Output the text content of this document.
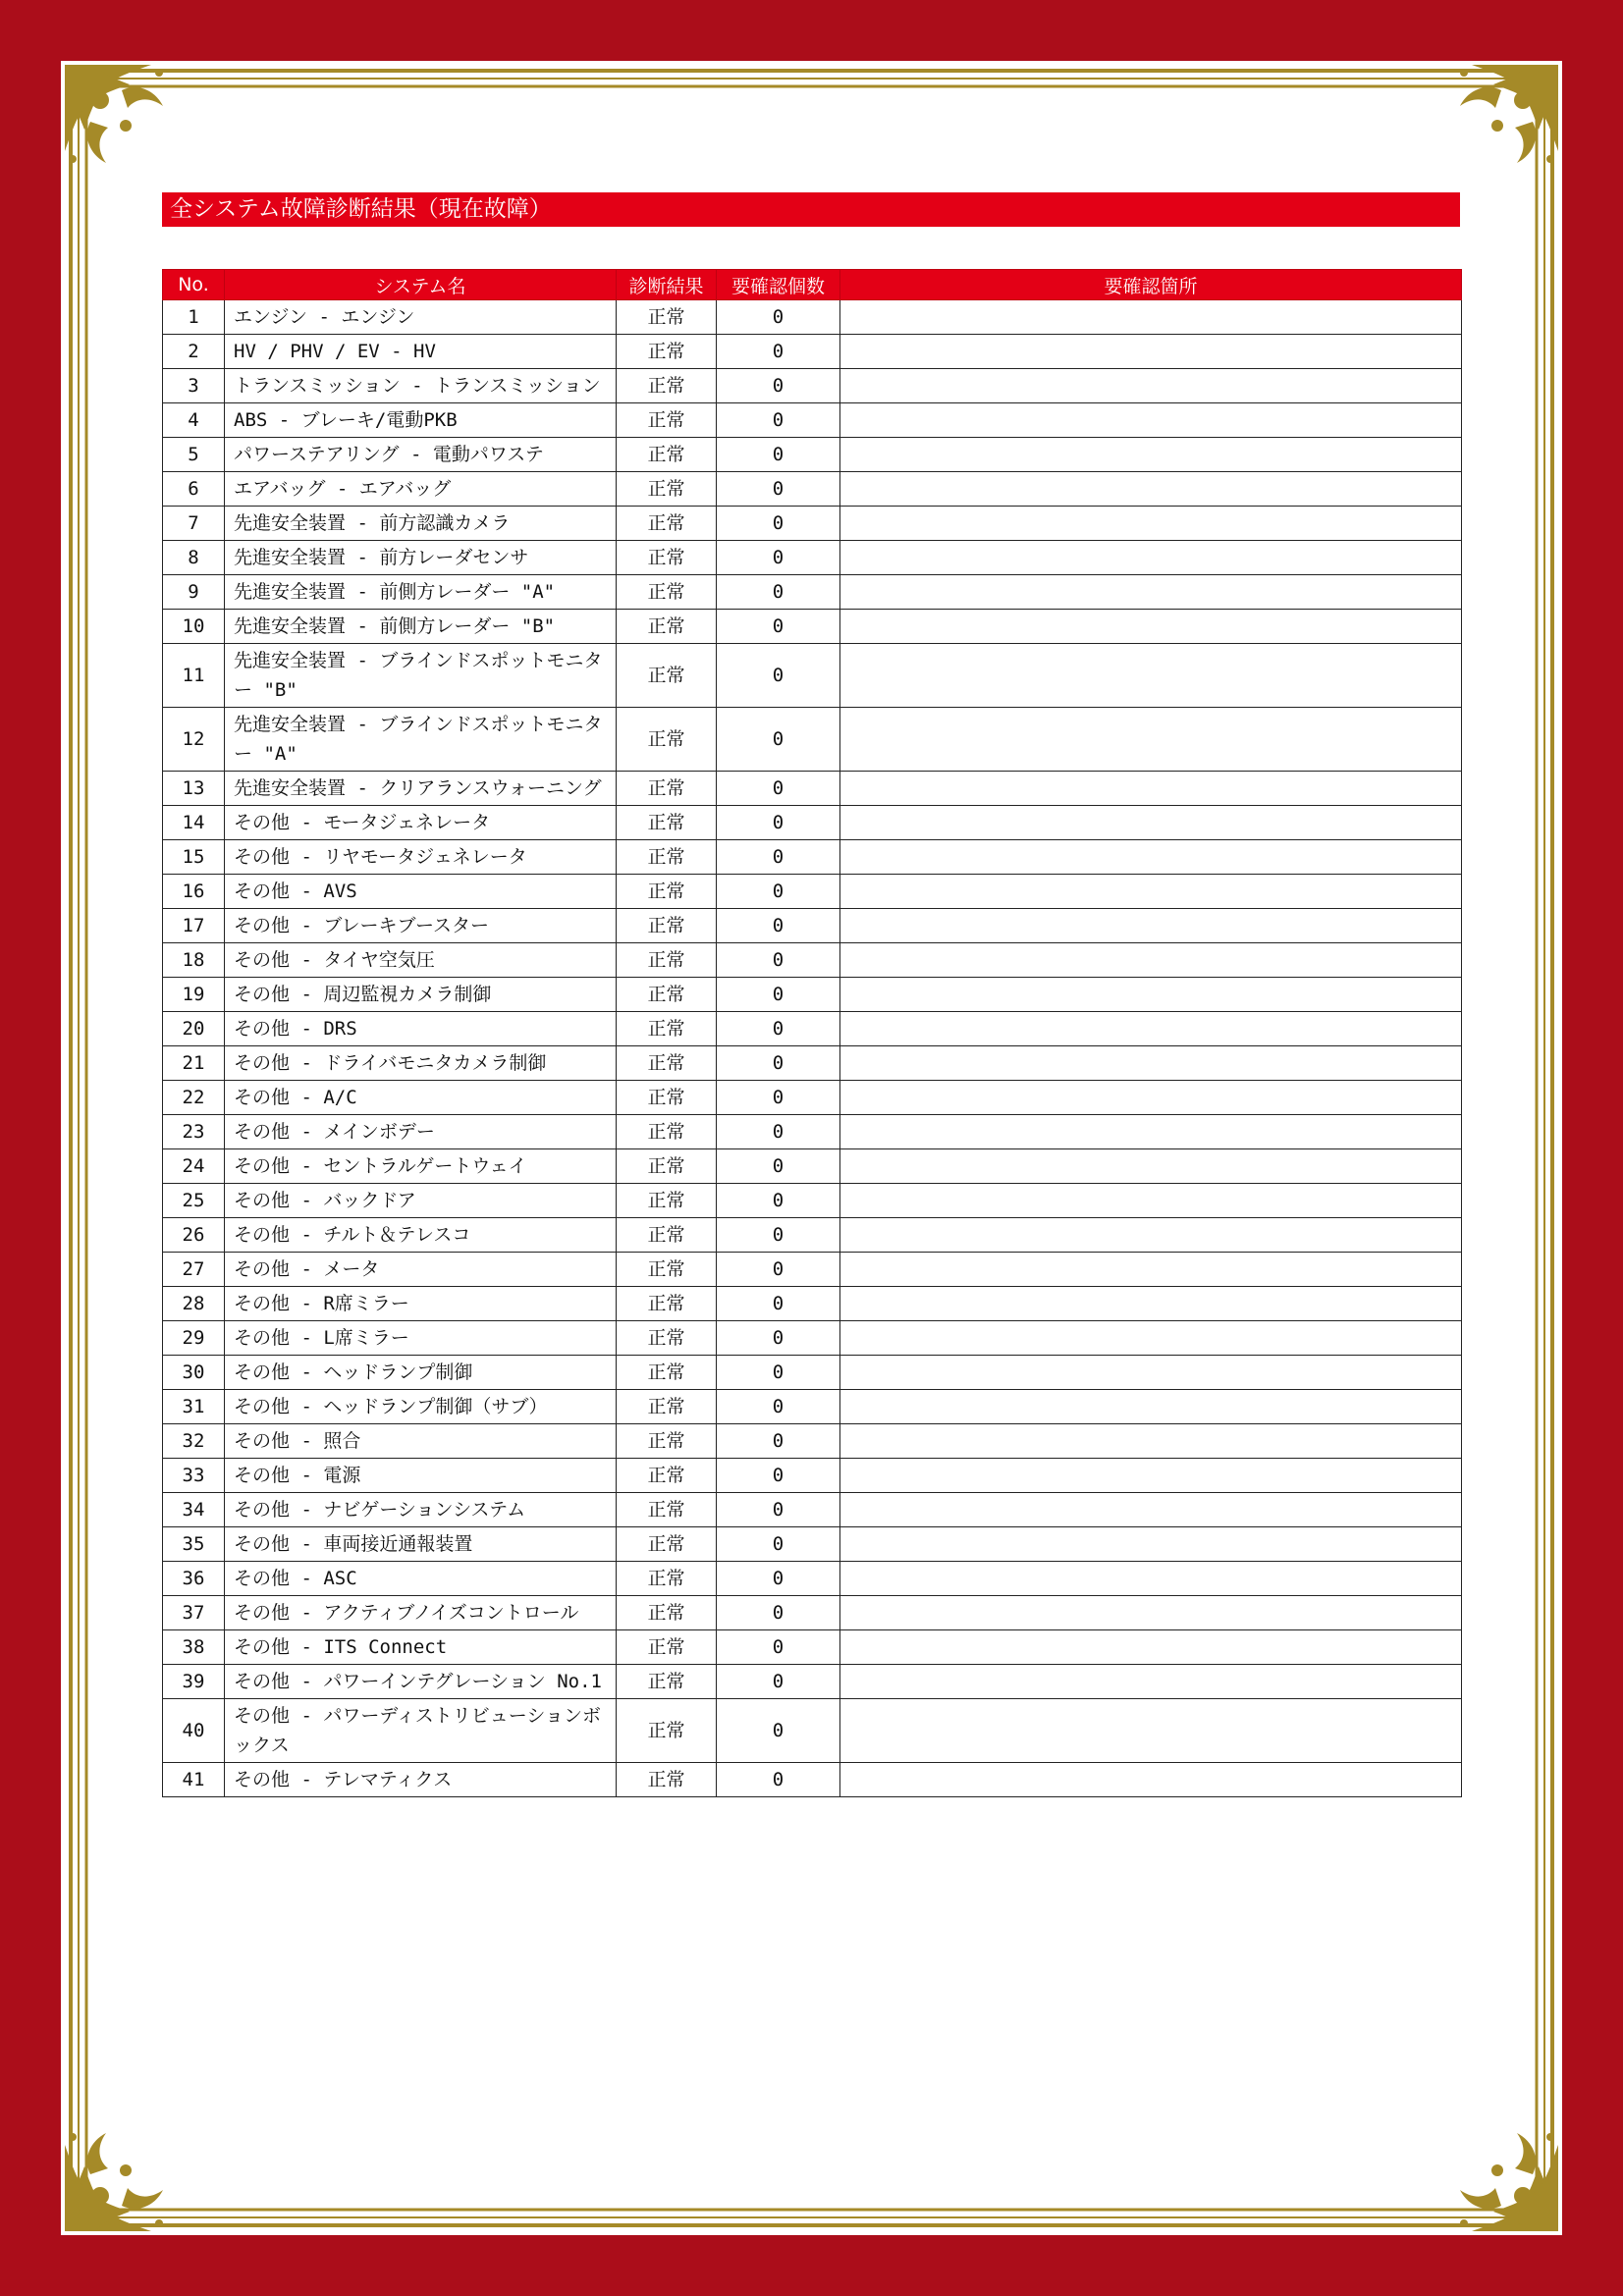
全システム故障診断結果（現在故障）
No.	システム名	診断結果	要確認個数	要確認箇所
1	エンジン - エンジン	正常	0	
2	HV / PHV / EV - HV	正常	0	
3	トランスミッション - トランスミッション	正常	0	
4	ABS - ブレーキ/電動PKB	正常	0	
5	パワーステアリング - 電動パワステ	正常	0	
6	エアバッグ - エアバッグ	正常	0	
7	先進安全装置 - 前方認識カメラ	正常	0	
8	先進安全装置 - 前方レーダセンサ	正常	0	
9	先進安全装置 - 前側方レーダー "A"	正常	0	
10	先進安全装置 - 前側方レーダー "B"	正常	0	
11	先進安全装置 - ブラインドスポットモニター "B"	正常	0	
12	先進安全装置 - ブラインドスポットモニター "A"	正常	0	
13	先進安全装置 - クリアランスウォーニング	正常	0	
14	その他 - モータジェネレータ	正常	0	
15	その他 - リヤモータジェネレータ	正常	0	
16	その他 - AVS	正常	0	
17	その他 - ブレーキブースター	正常	0	
18	その他 - タイヤ空気圧	正常	0	
19	その他 - 周辺監視カメラ制御	正常	0	
20	その他 - DRS	正常	0	
21	その他 - ドライバモニタカメラ制御	正常	0	
22	その他 - A/C	正常	0	
23	その他 - メインボデー	正常	0	
24	その他 - セントラルゲートウェイ	正常	0	
25	その他 - バックドア	正常	0	
26	その他 - チルト＆テレスコ	正常	0	
27	その他 - メータ	正常	0	
28	その他 - R席ミラー	正常	0	
29	その他 - L席ミラー	正常	0	
30	その他 - ヘッドランプ制御	正常	0	
31	その他 - ヘッドランプ制御（サブ）	正常	0	
32	その他 - 照合	正常	0	
33	その他 - 電源	正常	0	
34	その他 - ナビゲーションシステム	正常	0	
35	その他 - 車両接近通報装置	正常	0	
36	その他 - ASC	正常	0	
37	その他 - アクティブノイズコントロール	正常	0	
38	その他 - ITS Connect	正常	0	
39	その他 - パワーインテグレーション No.1	正常	0	
40	その他 - パワーディストリビューションボックス	正常	0	
41	その他 - テレマティクス	正常	0	
